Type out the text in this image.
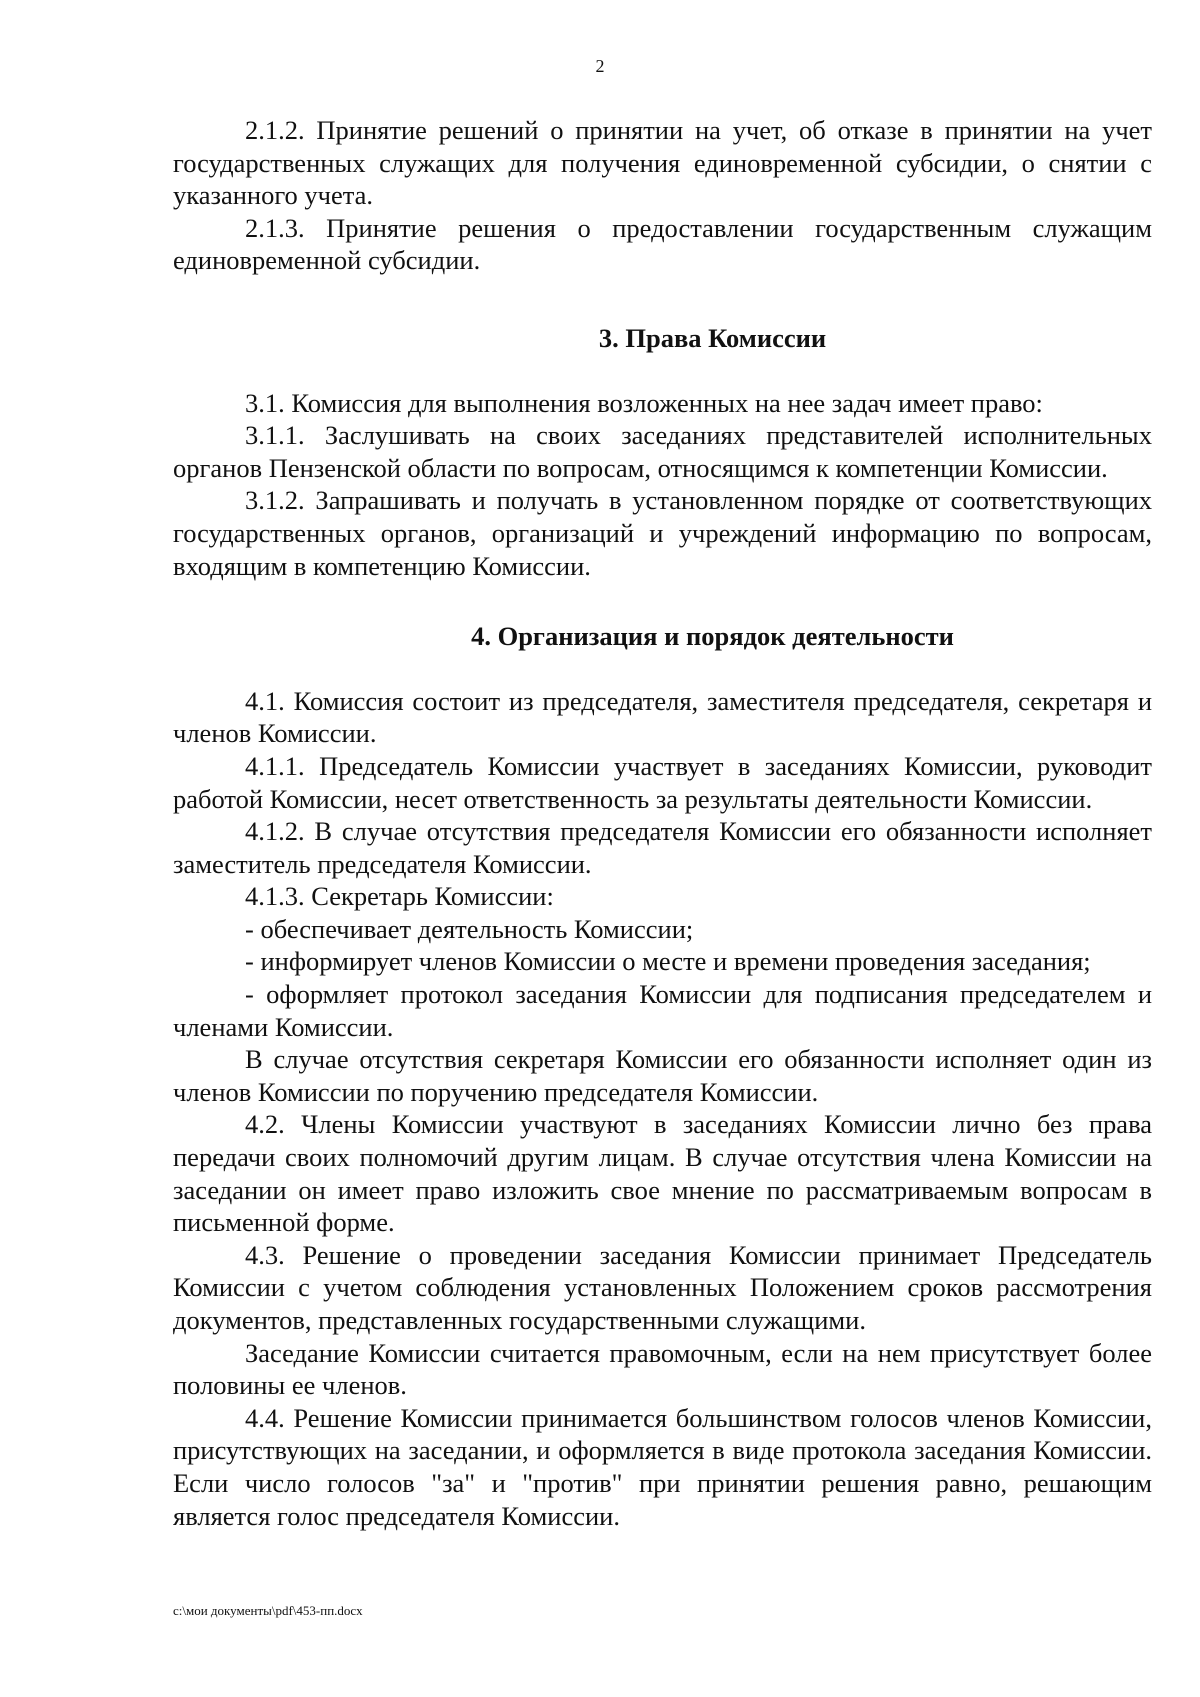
2

2.1.2. Принятие решений о принятии на учет, об отказе в принятии на учет государственных служащих для получения единовременной субсидии, о снятии с указанного учета.

2.1.3. Принятие решения о предоставлении государственным служащим единовременной субсидии.

3. Права Комиссии

3.1. Комиссия для выполнения возложенных на нее задач имеет право:

3.1.1. Заслушивать на своих заседаниях представителей исполнительных органов Пензенской области по вопросам, относящимся к компетенции Комиссии.

3.1.2. Запрашивать и получать в установленном порядке от соответствующих государственных органов, организаций и учреждений информацию по вопросам, входящим в компетенцию Комиссии.

4. Организация и порядок деятельности

4.1. Комиссия состоит из председателя, заместителя председателя, секретаря и членов Комиссии.

4.1.1. Председатель Комиссии участвует в заседаниях Комиссии, руководит работой Комиссии, несет ответственность за результаты деятельности Комиссии.

4.1.2. В случае отсутствия председателя Комиссии его обязанности исполняет заместитель председателя Комиссии.

4.1.3. Секретарь Комиссии:

- обеспечивает деятельность Комиссии;

- информирует членов Комиссии о месте и времени проведения заседания;

- оформляет протокол заседания Комиссии для подписания председателем и членами Комиссии.

В случае отсутствия секретаря Комиссии его обязанности исполняет один из членов Комиссии по поручению председателя Комиссии.

4.2. Члены Комиссии участвуют в заседаниях Комиссии лично без права передачи своих полномочий другим лицам. В случае отсутствия члена Комиссии на заседании он имеет право изложить свое мнение по рассматриваемым вопросам в письменной форме.

4.3. Решение о проведении заседания Комиссии принимает Председатель Комиссии с учетом соблюдения установленных Положением сроков рассмотрения документов, представленных государственными служащими.

Заседание Комиссии считается правомочным, если на нем присутствует более половины ее членов.

4.4. Решение Комиссии принимается большинством голосов членов Комиссии, присутствующих на заседании, и оформляется в виде протокола заседания Комиссии. Если число голосов "за" и "против" при принятии решения равно, решающим является голос председателя Комиссии.

c:\мои документы\pdf\453-пп.docx
